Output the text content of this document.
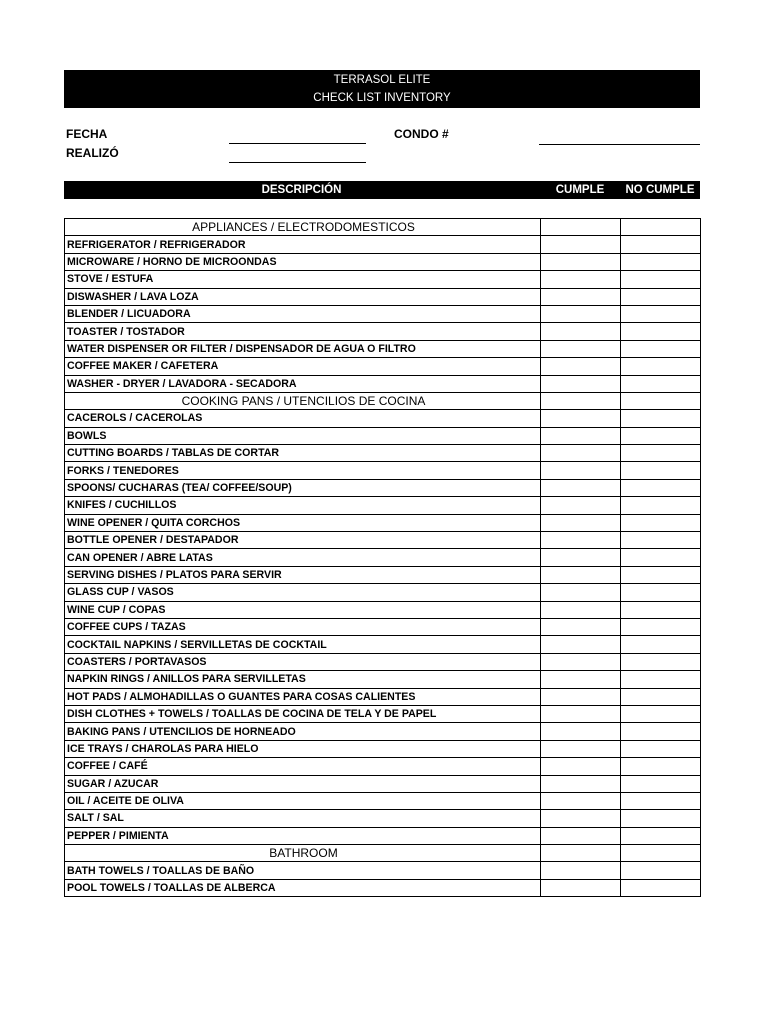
TERRASOL ELITE
CHECK LIST INVENTORY
FECHA
REALIZÓ
CONDO #
DESCRIPCIÓN	CUMPLE	NO CUMPLE
APPLIANCES / ELECTRODOMESTICOS		
REFRIGERATOR / REFRIGERADOR		
MICROWARE / HORNO DE MICROONDAS		
STOVE / ESTUFA		
DISWASHER / LAVA LOZA		
BLENDER / LICUADORA		
TOASTER / TOSTADOR		
WATER DISPENSER OR FILTER / DISPENSADOR DE AGUA O FILTRO		
COFFEE MAKER / CAFETERA		
WASHER - DRYER / LAVADORA - SECADORA		
COOKING PANS / UTENCILIOS DE COCINA		
CACEROLS / CACEROLAS		
BOWLS		
CUTTING BOARDS / TABLAS DE CORTAR		
FORKS / TENEDORES		
SPOONS/ CUCHARAS (TEA/ COFFEE/SOUP)		
KNIFES / CUCHILLOS		
WINE OPENER / QUITA CORCHOS		
BOTTLE OPENER / DESTAPADOR		
CAN OPENER / ABRE LATAS		
SERVING DISHES / PLATOS PARA SERVIR		
GLASS CUP / VASOS		
WINE CUP / COPAS		
COFFEE CUPS / TAZAS		
COCKTAIL NAPKINS / SERVILLETAS DE COCKTAIL		
COASTERS / PORTAVASOS		
NAPKIN RINGS / ANILLOS PARA SERVILLETAS		
HOT PADS / ALMOHADILLAS O GUANTES PARA COSAS CALIENTES		
DISH CLOTHES + TOWELS / TOALLAS DE COCINA DE TELA Y DE PAPEL		
BAKING PANS / UTENCILIOS DE HORNEADO		
ICE TRAYS / CHAROLAS PARA HIELO		
COFFEE / CAFÉ		
SUGAR / AZUCAR		
OIL / ACEITE DE OLIVA		
SALT / SAL		
PEPPER / PIMIENTA		
BATHROOM		
BATH TOWELS / TOALLAS DE BAÑO		
POOL TOWELS / TOALLAS DE ALBERCA		
